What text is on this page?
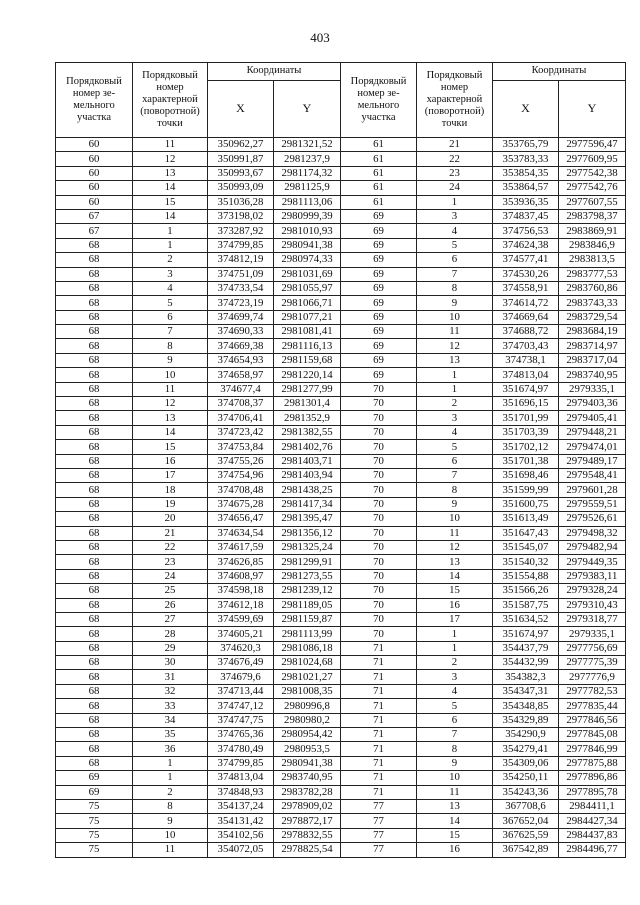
403
Порядковый номер зе-мельного участка	Порядковый номер характерной (поворотной) точки	Координаты		Порядковый номер зе-мельного участка	Порядковый номер характерной (поворотной) точки	Координаты	
		X	Y			X	Y
60	11	350962,27	2981321,52	61	21	353765,79	2977596,47
60	12	350991,87	2981237,9	61	22	353783,33	2977609,95
60	13	350993,67	2981174,32	61	23	353854,35	2977542,38
60	14	350993,09	2981125,9	61	24	353864,57	2977542,76
60	15	351036,28	2981113,06	61	1	353936,35	2977607,55
67	14	373198,02	2980999,39	69	3	374837,45	2983798,37
67	1	373287,92	2981010,93	69	4	374756,53	2983869,91
68	1	374799,85	2980941,38	69	5	374624,38	2983846,9
68	2	374812,19	2980974,33	69	6	374577,41	2983813,5
68	3	374751,09	2981031,69	69	7	374530,26	2983777,53
68	4	374733,54	2981055,97	69	8	374558,91	2983760,86
68	5	374723,19	2981066,71	69	9	374614,72	2983743,33
68	6	374699,74	2981077,21	69	10	374669,64	2983729,54
68	7	374690,33	2981081,41	69	11	374688,72	2983684,19
68	8	374669,38	2981116,13	69	12	374703,43	2983714,97
68	9	374654,93	2981159,68	69	13	374738,1	2983717,04
68	10	374658,97	2981220,14	69	1	374813,04	2983740,95
68	11	374677,4	2981277,99	70	1	351674,97	2979335,1
68	12	374708,37	2981301,4	70	2	351696,15	2979403,36
68	13	374706,41	2981352,9	70	3	351701,99	2979405,41
68	14	374723,42	2981382,55	70	4	351703,39	2979448,21
68	15	374753,84	2981402,76	70	5	351702,12	2979474,01
68	16	374755,26	2981403,71	70	6	351701,38	2979489,17
68	17	374754,96	2981403,94	70	7	351698,46	2979548,41
68	18	374708,48	2981438,25	70	8	351599,99	2979601,28
68	19	374675,28	2981417,34	70	9	351600,75	2979559,51
68	20	374656,47	2981395,47	70	10	351613,49	2979526,61
68	21	374634,54	2981356,12	70	11	351647,43	2979498,32
68	22	374617,59	2981325,24	70	12	351545,07	2979482,94
68	23	374626,85	2981299,91	70	13	351540,32	2979449,35
68	24	374608,97	2981273,55	70	14	351554,88	2979383,11
68	25	374598,18	2981239,12	70	15	351566,26	2979328,24
68	26	374612,18	2981189,05	70	16	351587,75	2979310,43
68	27	374599,69	2981159,87	70	17	351634,52	2979318,77
68	28	374605,21	2981113,99	70	1	351674,97	2979335,1
68	29	374620,3	2981086,18	71	1	354437,79	2977756,69
68	30	374676,49	2981024,68	71	2	354432,99	2977775,39
68	31	374679,6	2981021,27	71	3	354382,3	2977776,9
68	32	374713,44	2981008,35	71	4	354347,31	2977782,53
68	33	374747,12	2980996,8	71	5	354348,85	2977835,44
68	34	374747,75	2980980,2	71	6	354329,89	2977846,56
68	35	374765,36	2980954,42	71	7	354290,9	2977845,08
68	36	374780,49	2980953,5	71	8	354279,41	2977846,99
68	1	374799,85	2980941,38	71	9	354309,06	2977875,88
69	1	374813,04	2983740,95	71	10	354250,11	2977896,86
69	2	374848,93	2983782,28	71	11	354243,36	2977895,78
75	8	354137,24	2978909,02	77	13	367708,6	2984411,1
75	9	354131,42	2978872,17	77	14	367652,04	2984427,34
75	10	354102,56	2978832,55	77	15	367625,59	2984437,83
75	11	354072,05	2978825,54	77	16	367542,89	2984496,77
